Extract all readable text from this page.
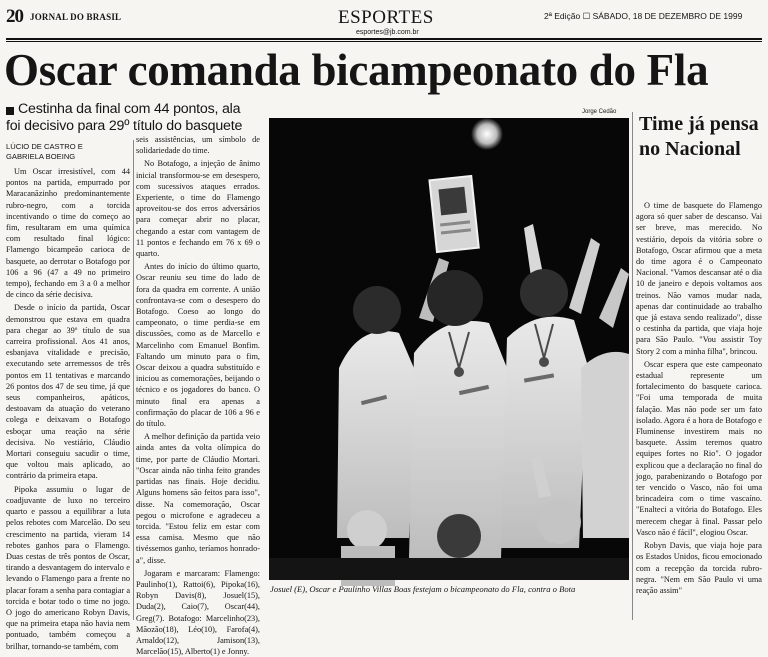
20 JORNAL DO BRASIL	ESPORTES
esportes@jb.com.br
2ª Edição ☐ SÁBADO, 18 DE DEZEMBRO DE 1999
Oscar comanda bicampeonato do Fla
Cestinha da final com 44 pontos, ala
foi decisivo para 29º título do basquete
LÚCIO DE CASTRO E
GABRIELA BOEING

Um Oscar irresistível, com 44 pontos na partida, empurrado por Maracanãzinho predominantemente rubro-negro, com a torcida incentivando o time do começo ao fim, resultaram em uma química com resultado final lógico: Flamengo bicampeão carioca de basquete, ao derrotar o Botafogo por 106 a 96 (47 a 49 no primeiro tempo), fechando em 3 a 0 a melhor de cinco da série decisiva.

Desde o início da partida, Oscar demonstrou que estava em quadra para chegar ao 39º título de sua carreira profissional. Aos 41 anos, esbanjava vitalidade e precisão, executando sete arremessos de três pontos em 11 tentativas e marcando 26 pontos dos 47 de seu time, já que seus companheiros, apáticos, destoavam da atuação do veterano colega e deixavam o Botafogo esboçar uma reação na série decisiva. No vestiário, Cláudio Mortari conseguiu sacudir o time, que voltou mais aplicado, ao contrário da primeira etapa.

Pipoka assumiu o lugar de coadjuvante de luxo no terceiro quarto e passou a equilibrar a luta pelos rebotes com Marcelão. Do seu crescimento na partida, vieram 14 rebotes ganhos para o Flamengo. Duas cestas de três pontos de Oscar, tirando a desvantagem do intervalo e levando o Flamengo para a frente no placar foram a senha para contagiar a torcida e botar todo o time no jogo. O jogo do americano Robyn Davis, que na primeira etapa não havia nem pontuado, também começou a brilhar, tornando-se também, com

seis assistências, um símbolo de solidariedade do time.

No Botafogo, a injeção de ânimo inicial transformou-se em desespero, com sucessivos ataques errados. Experiente, o time do Flamengo aproveitou-se dos erros adversários para começar abrir no placar, chegando a estar com vantagem de 11 pontos e fechando em 76 x 69 o quarto.

Antes do início do último quarto, Oscar reuniu seu time do lado de fora da quadra em corrente. A união confrontava-se com o desespero do Botafogo. Coeso ao longo do campeonato, o time perdia-se em discussões, como as de Marcello e Marcelinho com Emanuel Bonfim. Faltando um minuto para o fim, Oscar deixou a quadra substituído e iniciou as comemorações, beijando o técnico e os jogadores do banco. O minuto final era apenas a confirmação do placar de 106 a 96 e do título.

A melhor definição da partida veio ainda antes da volta olímpica do time, por parte de Cláudio Mortari. "Oscar ainda não tinha feito grandes partidas nas finais. Hoje decidiu. Alguns homens são feitos para isso", disse. Na comemoração, Oscar pegou o microfone e agradeceu a torcida. "Estou feliz em estar com essa camisa. Mesmo que não tivéssemos ganho, teríamos honrado-a", disse.

Jogaram e marcaram: Flamengo: Paulinho(1), Rattoi(6), Pipoka(16), Robyn Davis(8), Josuel(15), Duda(2), Caio(7), Oscar(44), Greg(7). Botafogo: Marcelinho(23), Mãozão(18), Léo(10), Farofa(4), Arnaldo(12), Jamison(13), Marcelão(15), Alberto(1) e Jonny.

Jorge Cedão
Josuel (E), Oscar e Paulinho Villas Boas festejam o bicampeonato do Fla, contra o Bota
Time já pensa no Nacional

O time de basquete do Flamengo agora só quer saber de descanso. Vai ser breve, mas merecido. No vestiário, depois da vitória sobre o Botafogo, Oscar afirmou que a meta do time agora é o Campeonato Nacional. "Vamos descansar até o dia 10 de janeiro e depois voltamos aos treinos. Não vamos mudar nada, apenas dar continuidade ao trabalho que já estava sendo realizado", disse o cestinha da partida, que viaja hoje para São Paulo. "Vou assistir Toy Story 2 com a minha filha", brincou.

Oscar espera que este campeonato estadual represente um fortalecimento do basquete carioca. "Foi uma temporada de muita falação. Mas não pode ser um fato isolado. Agora é a hora de Botafogo e Fluminense investirem mais no basquete. Assim teremos quatro equipes fortes no Rio". O jogador explicou que a declaração no final do jogo, parabenizando o Botafogo por ter vencido o Vasco, não foi uma brincadeira com o time vascaíno. "Enalteci a vitória do Botafogo. Eles merecem chegar à final. Passar pelo Vasco não é fácil", elogiou Oscar.

Robyn Davis, que viaja hoje para os Estados Unidos, ficou emocionado com a recepção da torcida rubro-negra. "Nem em São Paulo vi uma reação assim"
